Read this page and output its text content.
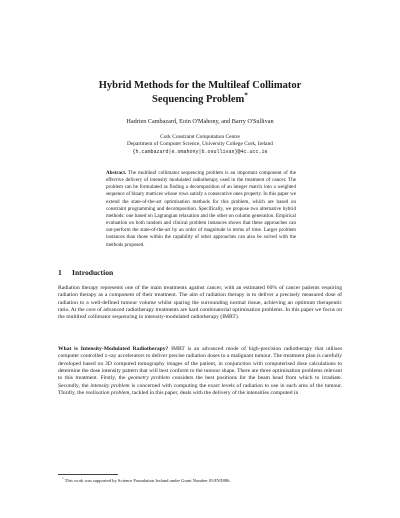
Hybrid Methods for the Multileaf Collimator
Sequencing Problem*
Hadrien Cambazard, Eoin O'Mahony, and Barry O'Sullivan
Cork Constraint Computation Centre
Department of Computer Science, University College Cork, Ireland
{h.cambazard|e.omahony|b.osullivan}@4c.ucc.ie
Abstract. The multileaf collimator sequencing problem is an important component of the effective delivery of intensity modulated radiotherapy used in the treatment of cancer. The problem can be formulated as finding a decomposition of an integer matrix into a weighted sequence of binary matrices whose rows satisfy a consecutive ones property. In this paper we extend the state-of-the-art optimisation methods for this problem, which are based on constraint programming and decomposition. Specifically, we propose two alternative hybrid methods: one based on Lagrangian relaxation and the other on column generation. Empirical evaluation on both random and clinical problem instances shows that these approaches can out-perform the state-of-the-art by an order of magnitude in terms of time. Larger problem instances than those within the capability of other approaches can also be solved with the methods proposed.
1 Introduction
Radiation therapy represents one of the main treatments against cancer, with an estimated 60% of cancer patients requiring radiation therapy as a component of their treatment. The aim of radiation therapy is to deliver a precisely measured dose of radiation to a well-defined tumour volume whilst sparing the surrounding normal tissue, achieving an optimum therapeutic ratio. At the core of advanced radiotherapy treatments are hard combinatorial optimisation problems. In this paper we focus on the multileaf collimator sequencing in intensity-modulated radiotherapy (IMRT).
What is Intensity-Modulated Radiotherapy? IMRT is an advanced mode of high-precision radiotherapy that utilises computer controlled x-ray accelerators to deliver precise radiation doses to a malignant tumour. The treatment plan is carefully developed based on 3D computed tomography images of the patient, in conjunction with computerised dose calculations to determine the dose intensity pattern that will best conform to the tumour shape. There are three optimisation problems relevant to this treatment. Firstly, the geometry problem considers the best positions for the beam head from which to irradiate. Secondly, the intensity problem is concerned with computing the exact levels of radiation to use in each area of the tumour. Thirdly, the realisation problem, tackled in this paper, deals with the delivery of the intensities computed in
* This work was supported by Science Foundation Ireland under Grant Number 05/IN/I886.
